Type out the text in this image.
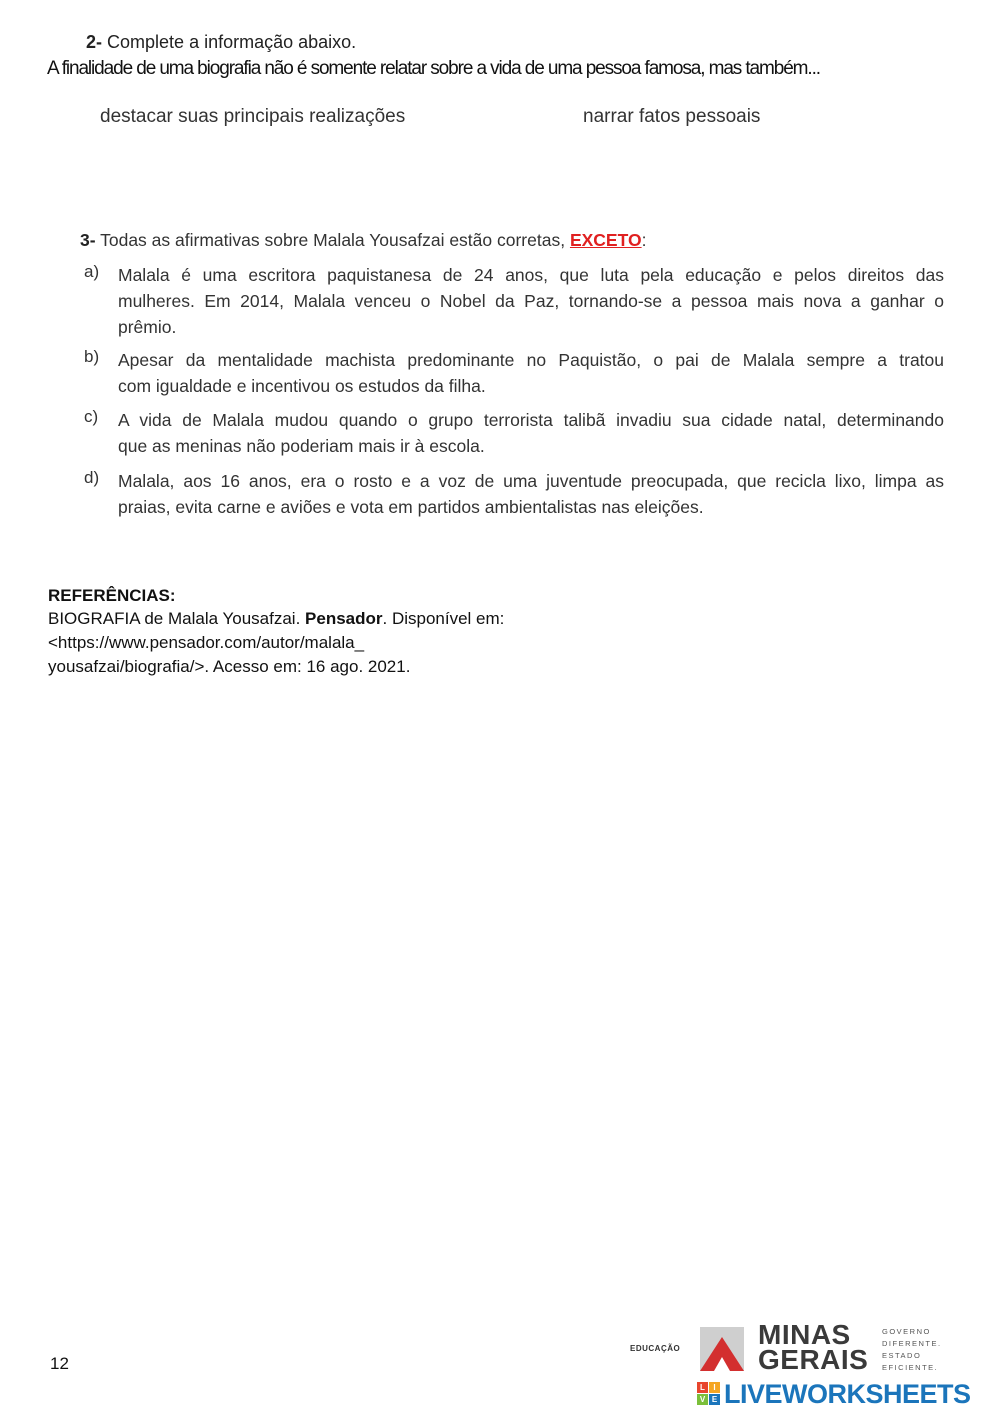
2- Complete a informação abaixo.
A finalidade de uma biografia não é somente relatar sobre a vida de uma pessoa famosa, mas também...
destacar suas principais realizações	narrar fatos pessoais
3- Todas as afirmativas sobre Malala Yousafzai estão corretas, EXCETO:
a) Malala é uma escritora paquistanesa de 24 anos, que luta pela educação e pelos direitos das
mulheres. Em 2014, Malala venceu o Nobel da Paz, tornando-se a pessoa mais nova a ganhar o
prêmio.
b) Apesar da mentalidade machista predominante no Paquistão, o pai de Malala sempre a tratou
com igualdade e incentivou os estudos da filha.
c) A vida de Malala mudou quando o grupo terrorista talibã invadiu sua cidade natal, determinando
que as meninas não poderiam mais ir à escola.
d) Malala, aos 16 anos, era o rosto e a voz de uma juventude preocupada, que recicla lixo, limpa as
praias, evita carne e aviões e vota em partidos ambientalistas nas eleições.
REFERÊNCIAS:
BIOGRAFIA de Malala Yousafzai. Pensador. Disponível em:
<https://www.pensador.com/autor/malala_
yousafzai/biografia/>. Acesso em: 16 ago. 2021.
12
EDUCAÇÃO	MINAS
GERAIS
GOVERNO
DIFERENTE.
ESTADO
EFICIENTE.
L	I
V E LIVEWORKSHEETS
